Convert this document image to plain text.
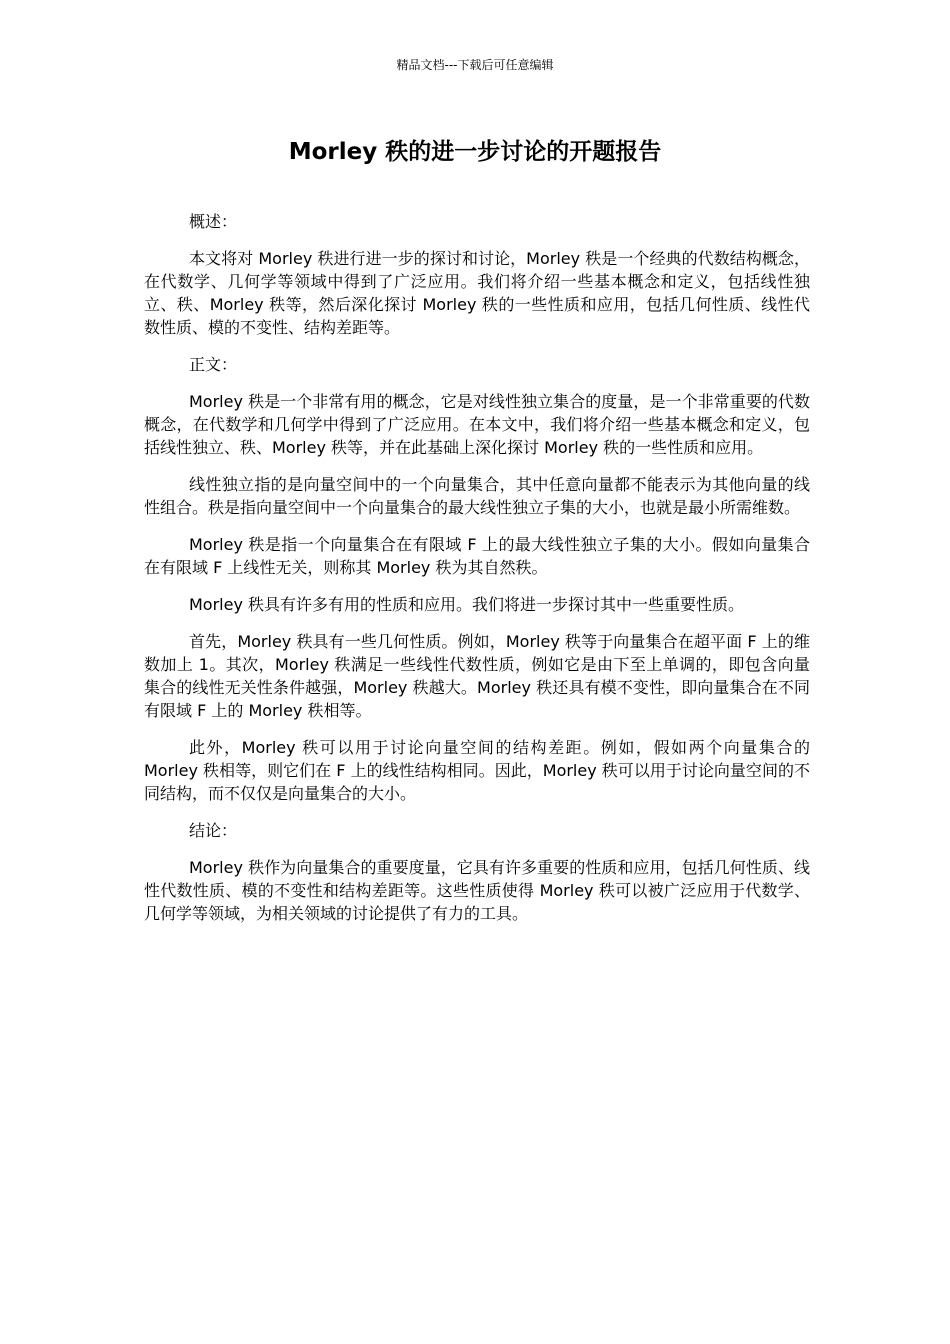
精品文档---下载后可任意编辑
Morley 秩的进一步讨论的开题报告

概述：

本文将对 Morley 秩进行进一步的探讨和讨论，Morley 秩是一个经典的代数结构概念，在代数学、几何学等领域中得到了广泛应用。我们将介绍一些基本概念和定义，包括线性独立、秩、Morley 秩等，然后深化探讨 Morley 秩的一些性质和应用，包括几何性质、线性代数性质、模的不变性、结构差距等。

正文：

Morley 秩是一个非常有用的概念，它是对线性独立集合的度量，是一个非常重要的代数概念，在代数学和几何学中得到了广泛应用。在本文中，我们将介绍一些基本概念和定义，包括线性独立、秩、Morley 秩等，并在此基础上深化探讨 Morley 秩的一些性质和应用。

线性独立指的是向量空间中的一个向量集合，其中任意向量都不能表示为其他向量的线性组合。秩是指向量空间中一个向量集合的最大线性独立子集的大小，也就是最小所需维数。

Morley 秩是指一个向量集合在有限域 F 上的最大线性独立子集的大小。假如向量集合在有限域 F 上线性无关，则称其 Morley 秩为其自然秩。

Morley 秩具有许多有用的性质和应用。我们将进一步探讨其中一些重要性质。

首先，Morley 秩具有一些几何性质。例如，Morley 秩等于向量集合在超平面 F 上的维数加上 1。其次，Morley 秩满足一些线性代数性质，例如它是由下至上单调的，即包含向量集合的线性无关性条件越强，Morley 秩越大。Morley 秩还具有模不变性，即向量集合在不同有限域 F 上的 Morley 秩相等。

此外，Morley 秩可以用于讨论向量空间的结构差距。例如，假如两个向量集合的 Morley 秩相等，则它们在 F 上的线性结构相同。因此，Morley 秩可以用于讨论向量空间的不同结构，而不仅仅是向量集合的大小。

结论：

Morley 秩作为向量集合的重要度量，它具有许多重要的性质和应用，包括几何性质、线性代数性质、模的不变性和结构差距等。这些性质使得 Morley 秩可以被广泛应用于代数学、几何学等领域，为相关领域的讨论提供了有力的工具。
